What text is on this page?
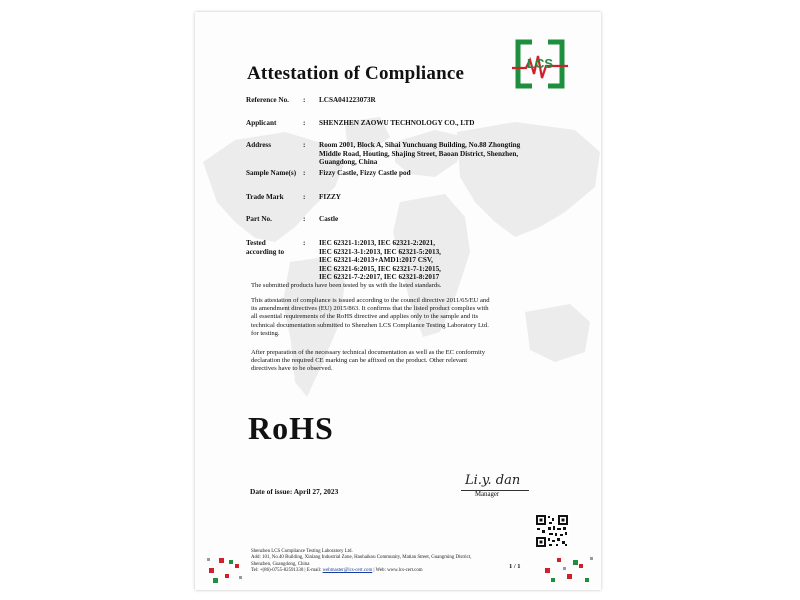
Attestation of Compliance	LCS
Reference No. : LCSA041223073R
Applicant	: SHENZHEN ZAOWU TECHNOLOGY CO., LTD
Address	: Room 2001, Block A, Sihai Yunchuang Building, No.88 Zhongting
Middle Road, Houting, Shajing Street, Baoan District, Shenzhen,
Guangdong, China
Sample Name(s) : Fizzy Castle, Fizzy Castle pod
Trade Mark	: FIZZY
Part No.	: Castle
Tested
according to
: IEC 62321-1:2013, IEC 62321-2:2021,
IEC 62321-3-1:2013, IEC 62321-5:2013,
IEC 62321-4:2013+AMD1:2017 CSV,
IEC 62321-6:2015, IEC 62321-7-1:2015,
IEC 62321-7-2:2017, IEC 62321-8:2017
The submitted products have been tested by us with the listed standards.
This attestation of compliance is issued according to the council directive 2011/65/EU and
its amendment directives (EU) 2015/863. It confirms that the listed product complies with
all essential requirements of the RoHS directive and applies only to the sample and its
technical documentation submitted to Shenzhen LCS Compliance Testing Laboratory Ltd.
for testing.
After preparation of the necessary technical documentation as well as the EC conformity
declaration the required CE marking can be affixed on the product. Other relevant
directives have to be observed.
RoHS
Li.y. dan
Manager
Date of issue: April 27, 2023
Shenzhen LCS Compliance Testing Laboratory Ltd.
Add: 101, No.40 Building, Xinlang Industrial Zone, Haohaikou Community, Matian Street, Guangming District,
Shenzhen, Guangdong, China
Tel: +(86)-0755-82591330 | E-mail: webmaster@lcs-cert.com | Web: www.lcs-cert.com
1 / 1
